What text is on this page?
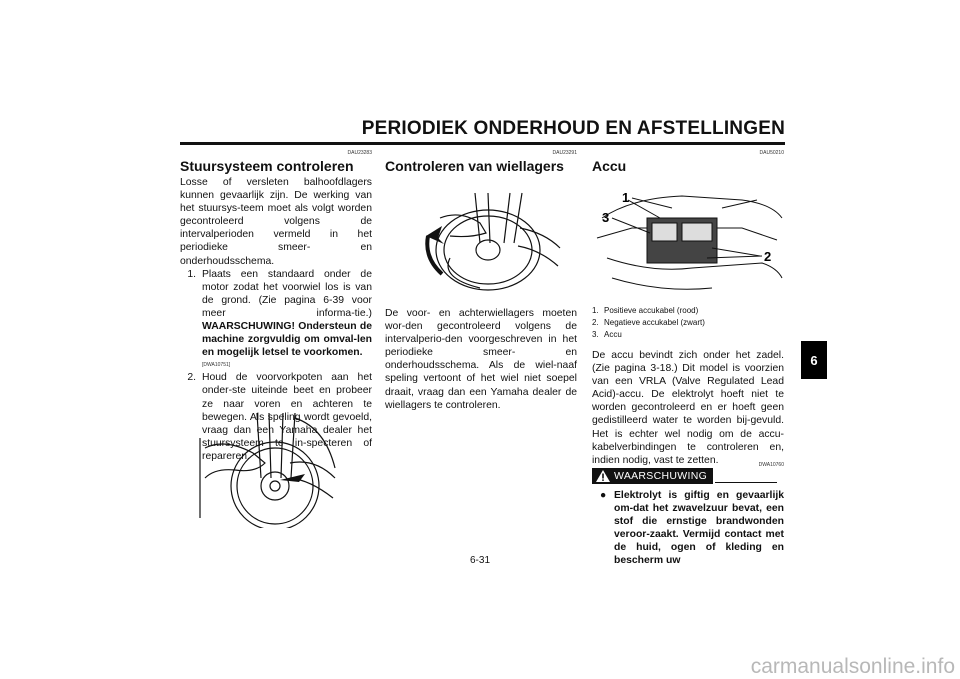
PERIODIEK ONDERHOUD EN AFSTELLINGEN
DAU23283
Stuursysteem controleren
Losse of versleten balhoofdlagers kunnen gevaarlijk zijn. De werking van het stuursys-teem moet als volgt worden gecontroleerd volgens de intervalperioden vermeld in het periodieke smeer- en onderhoudsschema.
1. Plaats een standaard onder de motor zodat het voorwiel los is van de grond. (Zie pagina 6-39 voor meer informa-tie.) WAARSCHUWING! Ondersteun de machine zorgvuldig om omval-len en mogelijk letsel te voorkomen.
[DWA10751]
2. Houd de voorvorkpoten aan het onder-ste uiteinde beet en probeer ze naar voren en achteren te bewegen. Als speling wordt gevoeld, vraag dan een Yamaha dealer het stuursysteem te in-specteren of repareren.
DAU23291
Controleren van wiellagers
De voor- en achterwiellagers moeten wor-den gecontroleerd volgens de intervalperio-den voorgeschreven in het periodieke smeer- en onderhoudsschema. Als de wiel-naaf speling vertoont of het wiel niet soepel draait, vraag dan een Yamaha dealer de wiellagers te controleren.
DAU50210
Accu
1
3
2
1. Positieve accukabel (rood)
2. Negatieve accukabel (zwart)
3. Accu
De accu bevindt zich onder het zadel. (Zie pagina 3-18.) Dit model is voorzien van een VRLA (Valve Regulated Lead Acid)-accu. De elektrolyt hoeft niet te worden gecontroleerd en er hoeft geen gedistilleerd water te worden bij-gevuld. Het is echter wel nodig om de accu-kabelverbindingen te controleren en, indien nodig, vast te zetten.	DWA10760
WAARSCHUWING
● Elektrolyt is giftig en gevaarlijk om-dat het zwavelzuur bevat, een stof die ernstige brandwonden veroor-zaakt. Vermijd contact met de huid, ogen of kleding en bescherm uw
6
6-31
carmanualsonline.info
